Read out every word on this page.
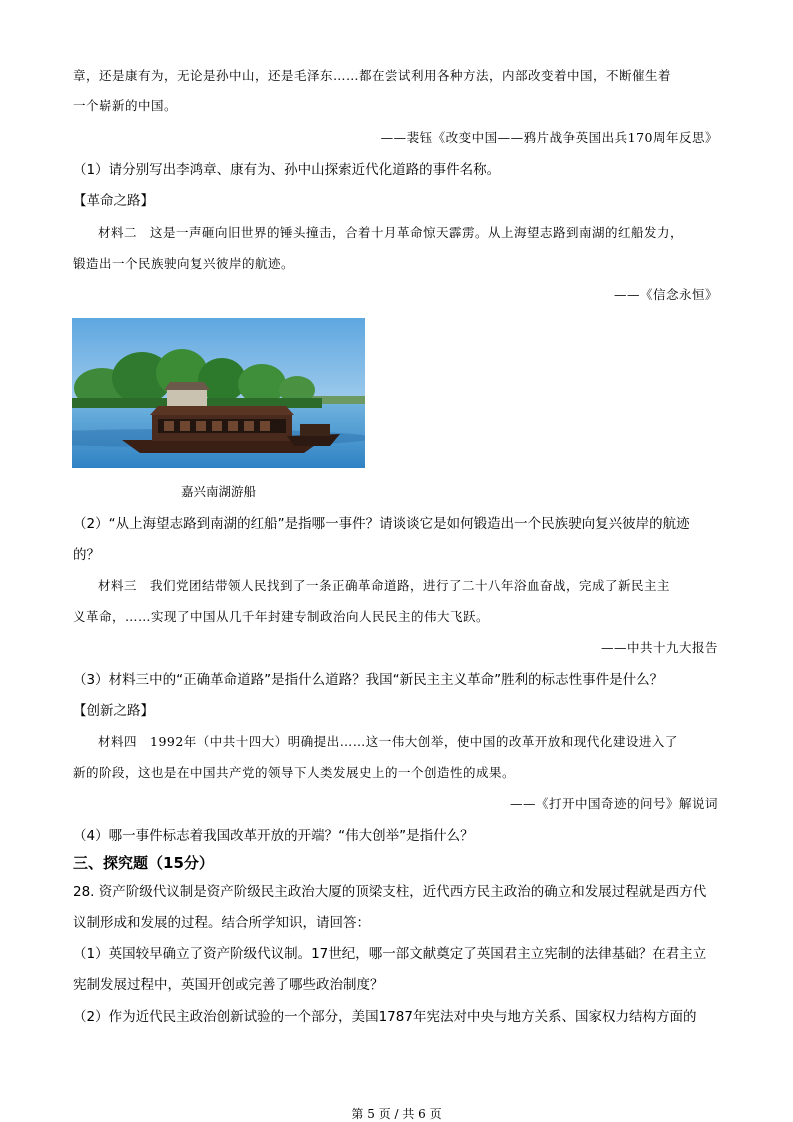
章，还是康有为，无论是孙中山，还是毛泽东……都在尝试利用各种方法，内部改变着中国，不断催生着
一个崭新的中国。
——裴钰《改变中国——鸦片战争英国出兵170周年反思》
（1）请分别写出李鸿章、康有为、孙中山探索近代化道路的事件名称。
【革命之路】
材料二　这是一声砸向旧世界的锤头撞击，合着十月革命惊天霹雳。从上海望志路到南湖的红船发力，
锻造出一个民族驶向复兴彼岸的航迹。
——《信念永恒》
嘉兴南湖游船
（2）“从上海望志路到南湖的红船”是指哪一事件？请谈谈它是如何锻造出一个民族驶向复兴彼岸的航迹
的？
材料三　我们党团结带领人民找到了一条正确革命道路，进行了二十八年浴血奋战，完成了新民主主
义革命，……实现了中国从几千年封建专制政治向人民民主的伟大飞跃。
——中共十九大报告
（3）材料三中的“正确革命道路”是指什么道路？我国“新民主主义革命”胜利的标志性事件是什么？
【创新之路】
材料四　1992年（中共十四大）明确提出……这一伟大创举，使中国的改革开放和现代化建设进入了
新的阶段，这也是在中国共产党的领导下人类发展史上的一个创造性的成果。
——《打开中国奇迹的问号》解说词
（4）哪一事件标志着我国改革开放的开端？“伟大创举”是指什么？
三、探究题（15分）
28. 资产阶级代议制是资产阶级民主政治大厦的顶梁支柱，近代西方民主政治的确立和发展过程就是西方代
议制形成和发展的过程。结合所学知识，请回答：
（1）英国较早确立了资产阶级代议制。17世纪，哪一部文献奠定了英国君主立宪制的法律基础？在君主立
宪制发展过程中，英国开创或完善了哪些政治制度？
（2）作为近代民主政治创新试验的一个部分，美国1787年宪法对中央与地方关系、国家权力结构方面的
第 5 页 / 共 6 页
